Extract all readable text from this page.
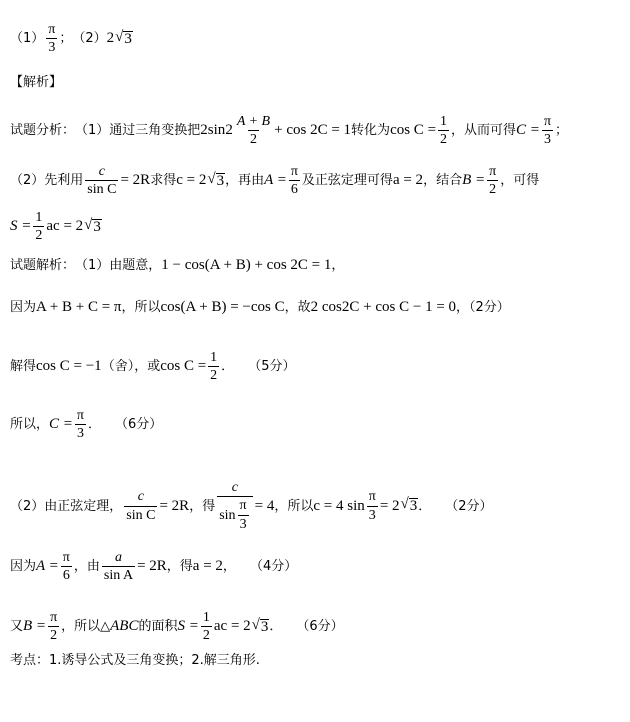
$(1) \frac{\pi}{3}$ ； （2） 2 √ 3
【解析】
试题分析： （1）通过三角变换把 2 $\sin 2 \frac{A + B}{2} + \cos 2C = 1$ 转化为 $\cos C = \frac{1}{2}$ ，从而可得 $C = \frac{\pi}{3}$ ；
（2）先利用 $\frac{c}{\text{sin C}} = 2R$ 求得 c = 2 √ 3 ，再由 $A = \frac{\pi}{6}$ 及正弦定理可得 a = 2 ，结合 $B = \frac{\pi}{2}$ ，可得
$S = \frac{1}{2}$ ac = 2 √ 3
试题解析： （1）由题意， 1 − cos(A + B) + cos 2C = 1 ，
因为 A + B + C = π ，所以 cos(A + B) = −cos C ，故 2 cos 2 C + cos C − 1 = 0 ，（2分）
解得 cos C = −1 （舍），或 $\cos C = \frac{1}{2}$ ． （5分）
所以， $C = \frac{\pi}{3}$ ． （6分）
（2）由正弦定理， $\frac{c}{\text{sin C}} = 2R$ ，得 $\frac{c}{\sin \frac{\pi}{3}} = 4$ ，所以 c = 4 $\sin \frac{\pi}{3} = 2$ √ 3 ． （2分）
因为 $A = \frac{\pi}{6}$ ，由 $\frac{a}{\text{sin A}} = 2R$ ，得 a = 2 ， （4分）
又 $B = \frac{\pi}{2}$ ，所以△ ABC 的面积 $S = \frac{1}{2}$ ac = 2 √ 3 ． （6分）
考点：1.诱导公式及三角变换；2.解三角形.
